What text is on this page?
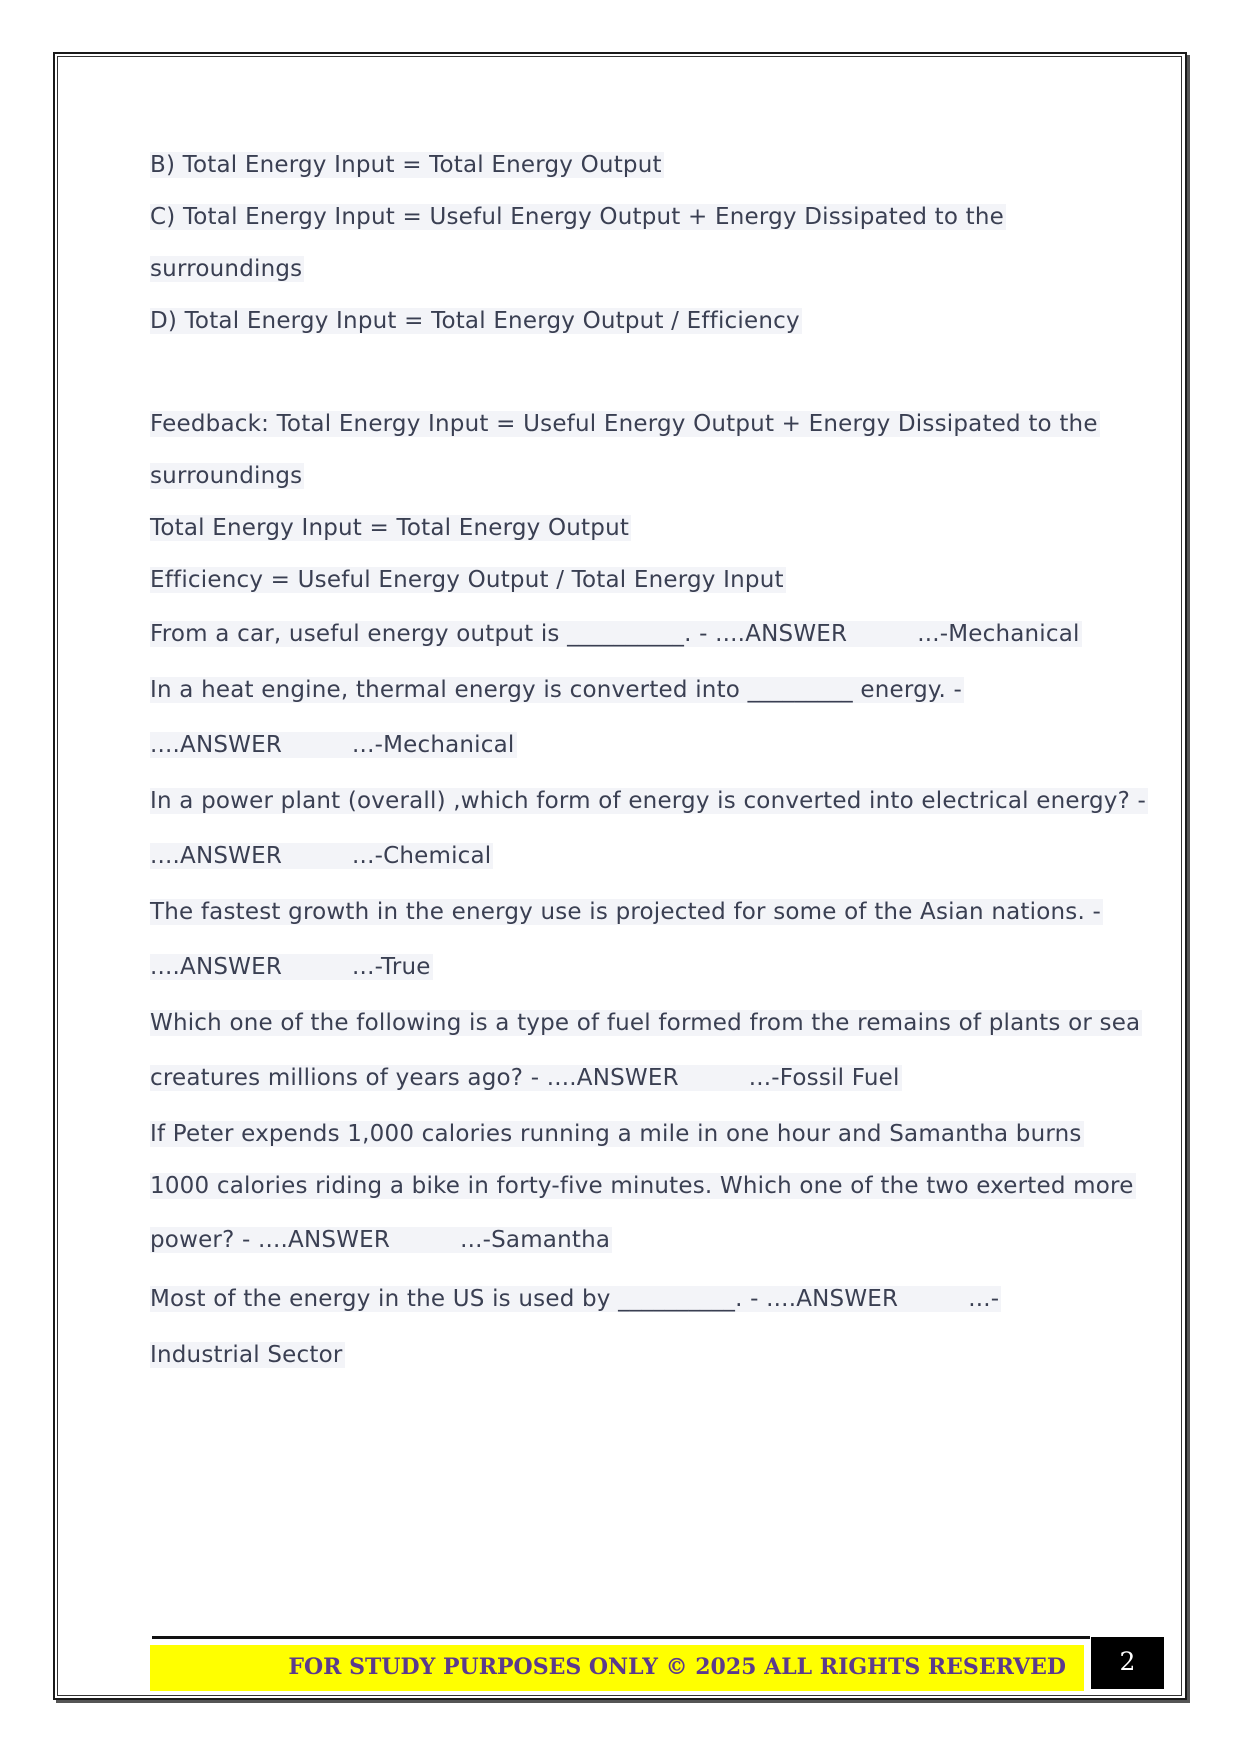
B) Total Energy Input = Total Energy Output
C) Total Energy Input = Useful Energy Output + Energy Dissipated to the
surroundings
D) Total Energy Input = Total Energy Output / Efficiency
Feedback: Total Energy Input = Useful Energy Output + Energy Dissipated to the
surroundings
Total Energy Input = Total Energy Output
Efficiency = Useful Energy Output / Total Energy Input
From a car, useful energy output is __________. - ....ANSWER	...-Mechanical
In a heat engine, thermal energy is converted into _________ energy. -
....ANSWER	...-Mechanical
In a power plant (overall) ,which form of energy is converted into electrical energy? -
....ANSWER	...-Chemical
The fastest growth in the energy use is projected for some of the Asian nations. -
....ANSWER	...-True
Which one of the following is a type of fuel formed from the remains of plants or sea
creatures millions of years ago? - ....ANSWER	...-Fossil Fuel
If Peter expends 1,000 calories running a mile in one hour and Samantha burns
1000 calories riding a bike in forty-five minutes. Which one of the two exerted more
power? - ....ANSWER	...-Samantha
Most of the energy in the US is used by __________. - ....ANSWER	...-
Industrial Sector
FOR STUDY PURPOSES ONLY © 2025 ALL RIGHTS RESERVED	2
